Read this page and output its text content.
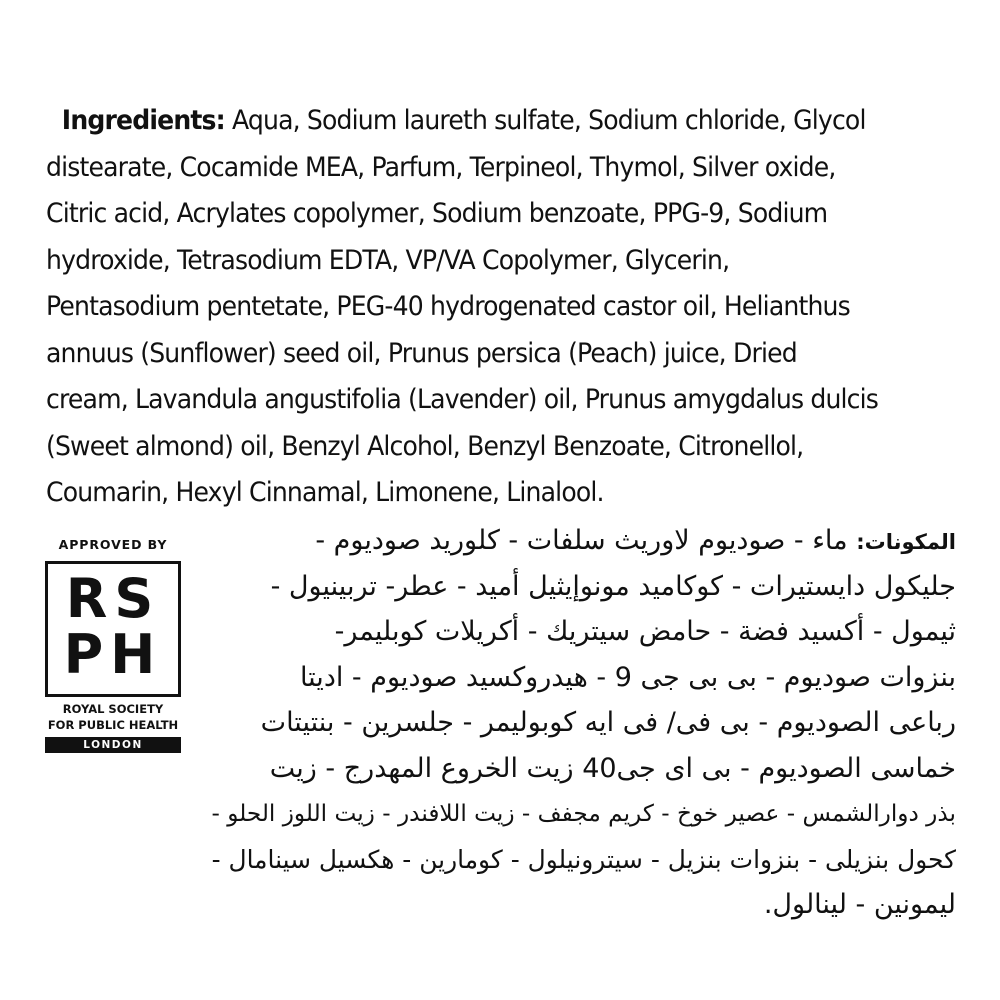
Ingredients: Aqua, Sodium laureth sulfate, Sodium chloride, Glycol
distearate, Cocamide MEA, Parfum, Terpineol, Thymol, Silver oxide,
Citric acid, Acrylates copolymer, Sodium benzoate, PPG-9, Sodium
hydroxide, Tetrasodium EDTA, VP/VA Copolymer, Glycerin,
Pentasodium pentetate, PEG-40 hydrogenated castor oil, Helianthus
annuus (Sunflower) seed oil, Prunus persica (Peach) juice, Dried
cream, Lavandula angustifolia (Lavender) oil, Prunus amygdalus dulcis
(Sweet almond) oil, Benzyl Alcohol, Benzyl Benzoate, Citronellol,
Coumarin, Hexyl Cinnamal, Limonene, Linalool.
APPROVED BY
RS
PH
ROYAL SOCIETY
FOR PUBLIC HEALTH
LONDON
المكونات: ماء - صوديوم لاوريث سلفات - كلوريد صوديوم -
جليكول دايستيرات - كوكاميد مونوإيثيل أميد - عطر- تربينيول -
ثيمول - أكسيد فضة - حامض سيتريك - أكريلات كوبليمر-
بنزوات صوديوم - بى بى جى 9 - هيدروكسيد صوديوم - اديتا
رباعى الصوديوم - بى فى/ فى ايه كوبوليمر - جلسرين - بنتيتات
خماسى الصوديوم - بى اى جى40 زيت الخروع المهدرج - زيت
بذر دوارالشمس - عصير خوخ - كريم مجفف - زيت اللافندر - زيت اللوز الحلو -
كحول بنزيلى - بنزوات بنزيل - سيترونيلول - كومارين - هكسيل سينامال -
ليمونين - لينالول.
